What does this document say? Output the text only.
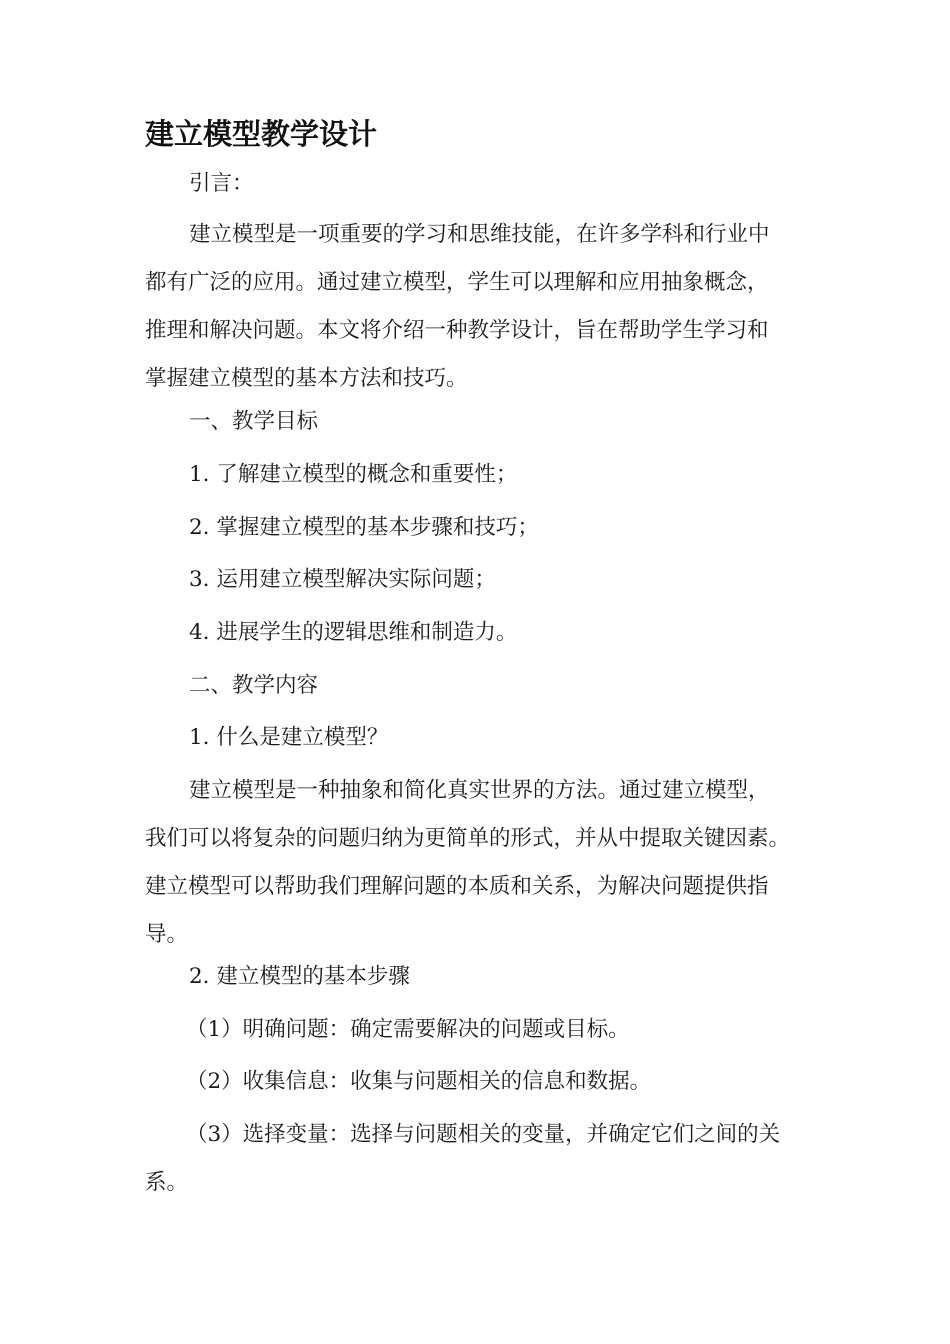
建立模型教学设计
引言：
建立模型是一项重要的学习和思维技能，在许多学科和行业中
都有广泛的应用。通过建立模型，学生可以理解和应用抽象概念，
推理和解决问题。本文将介绍一种教学设计，旨在帮助学生学习和
掌握建立模型的基本方法和技巧。
一、教学目标
1. 了解建立模型的概念和重要性；
2. 掌握建立模型的基本步骤和技巧；
3. 运用建立模型解决实际问题；
4. 进展学生的逻辑思维和制造力。
二、教学内容
1. 什么是建立模型？
建立模型是一种抽象和简化真实世界的方法。通过建立模型，
我们可以将复杂的问题归纳为更简单的形式，并从中提取关键因素。
建立模型可以帮助我们理解问题的本质和关系，为解决问题提供指
导。
2. 建立模型的基本步骤
（1）明确问题：确定需要解决的问题或目标。
（2）收集信息：收集与问题相关的信息和数据。
（3）选择变量：选择与问题相关的变量，并确定它们之间的关
系。
